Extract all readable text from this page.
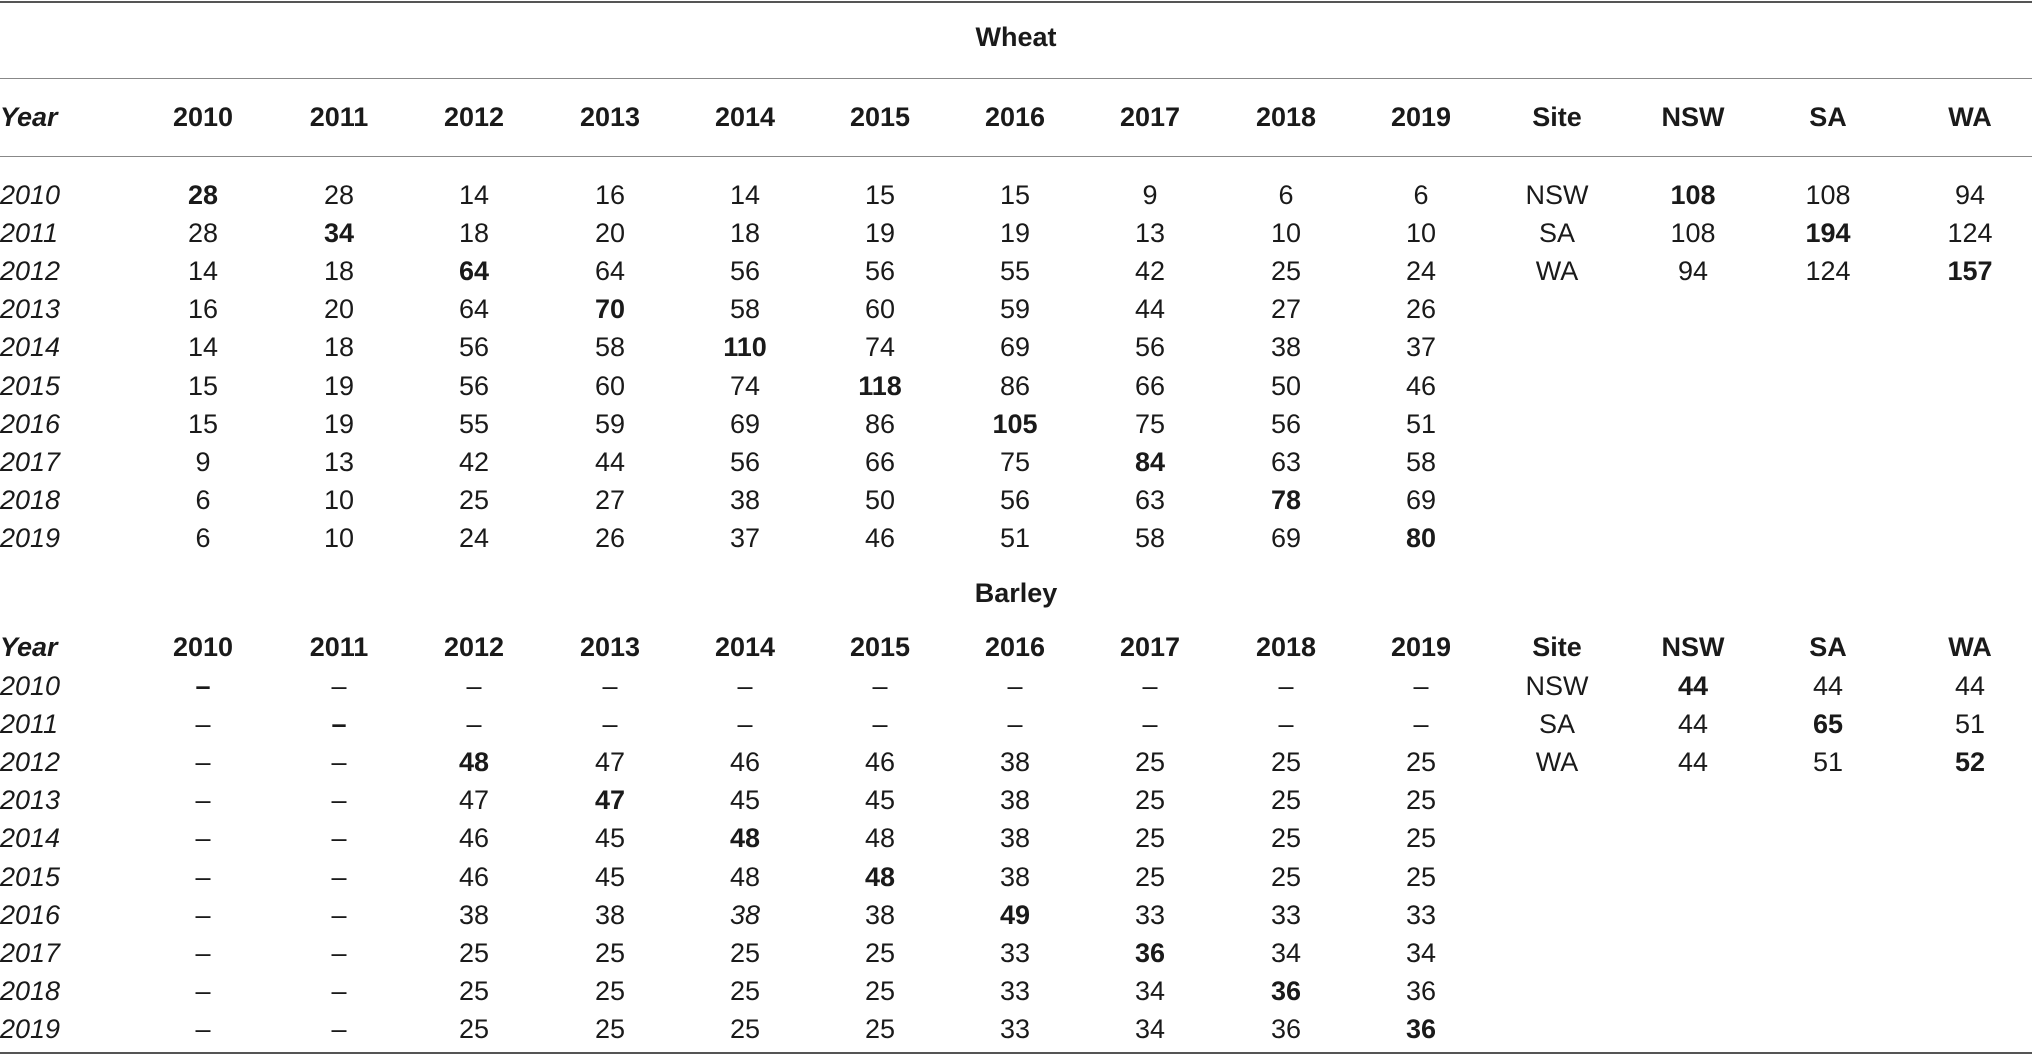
Wheat
Year	2010	2011	2012	2013	2014	2015	2016	2017	2018	2019	Site	NSW	SA	WA
2010	28	28	14	16	14	15	15	9	6	6	NSW	108	108	94
2011	28	34	18	20	18	19	19	13	10	10	SA	108	194	124
2012	14	18	64	64	56	56	55	42	25	24	WA	94	124	157
2013	16	20	64	70	58	60	59	44	27	26
2014	14	18	56	58	110	74	69	56	38	37
2015	15	19	56	60	74	118	86	66	50	46
2016	15	19	55	59	69	86	105	75	56	51
2017	9	13	42	44	56	66	75	84	63	58
2018	6	10	25	27	38	50	56	63	78	69
2019	6	10	24	26	37	46	51	58	69	80
Barley
Year	2010	2011	2012	2013	2014	2015	2016	2017	2018	2019	Site	NSW	SA	WA
2010	–	–	–	–	–	–	–	–	–	–	NSW	44	44	44
2011	–	–	–	–	–	–	–	–	–	–	SA	44	65	51
2012	–	–	48	47	46	46	38	25	25	25	WA	44	51	52
2013	–	–	47	47	45	45	38	25	25	25
2014	–	–	46	45	48	48	38	25	25	25
2015	–	–	46	45	48	48	38	25	25	25
2016	–	–	38	38	38	38	49	33	33	33
2017	–	–	25	25	25	25	33	36	34	34
2018	–	–	25	25	25	25	33	34	36	36
2019	–	–	25	25	25	25	33	34	36	36
